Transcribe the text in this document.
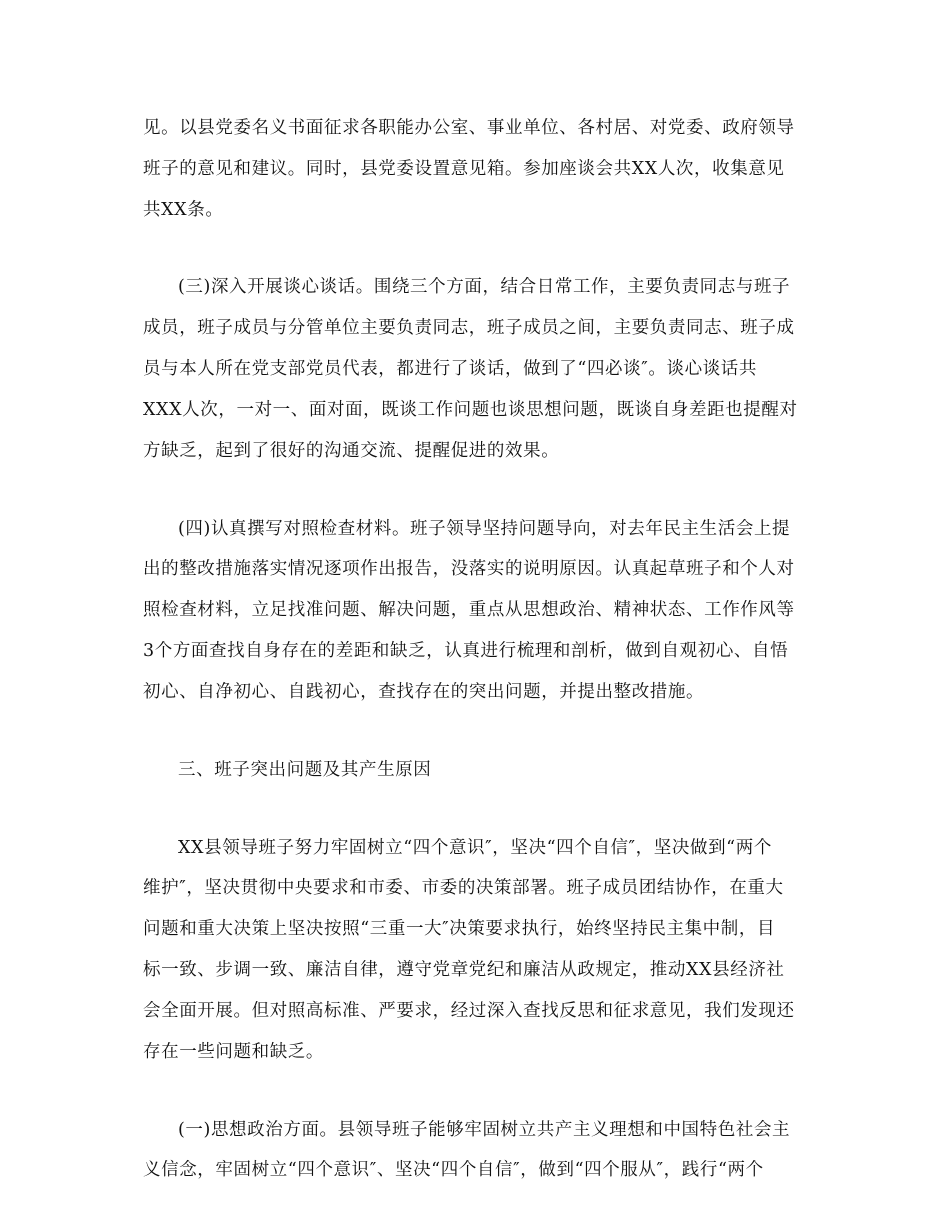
见。以县党委名义书面征求各职能办公室、事业单位、各村居、对党委、政府领导
班子的意见和建议。同时，县党委设置意见箱。参加座谈会共XX人次，收集意见
共XX条。
(三)深入开展谈心谈话。围绕三个方面，结合日常工作，主要负责同志与班子
成员，班子成员与分管单位主要负责同志，班子成员之间，主要负责同志、班子成
员与本人所在党支部党员代表，都进行了谈话，做到了“四必谈″。谈心谈话共
XXX人次，一对一、面对面，既谈工作问题也谈思想问题，既谈自身差距也提醒对
方缺乏，起到了很好的沟通交流、提醒促进的效果。
(四)认真撰写对照检查材料。班子领导坚持问题导向，对去年民主生活会上提
出的整改措施落实情况逐项作出报告，没落实的说明原因。认真起草班子和个人对
照检查材料，立足找准问题、解决问题，重点从思想政治、精神状态、工作作风等
3个方面查找自身存在的差距和缺乏，认真进行梳理和剖析，做到自观初心、自悟
初心、自净初心、自践初心，查找存在的突出问题，并提出整改措施。
三、班子突出问题及其产生原因
XX县领导班子努力牢固树立“四个意识″，坚决“四个自信″，坚决做到“两个
维护″，坚决贯彻中央要求和市委、市委的决策部署。班子成员团结协作，在重大
问题和重大决策上坚决按照“三重一大″决策要求执行，始终坚持民主集中制，目
标一致、步调一致、廉洁自律，遵守党章党纪和廉洁从政规定，推动XX县经济社
会全面开展。但对照高标准、严要求，经过深入查找反思和征求意见，我们发现还
存在一些问题和缺乏。
(一)思想政治方面。县领导班子能够牢固树立共产主义理想和中国特色社会主
义信念，牢固树立“四个意识″、坚决“四个自信″，做到“四个服从″，践行“两个
